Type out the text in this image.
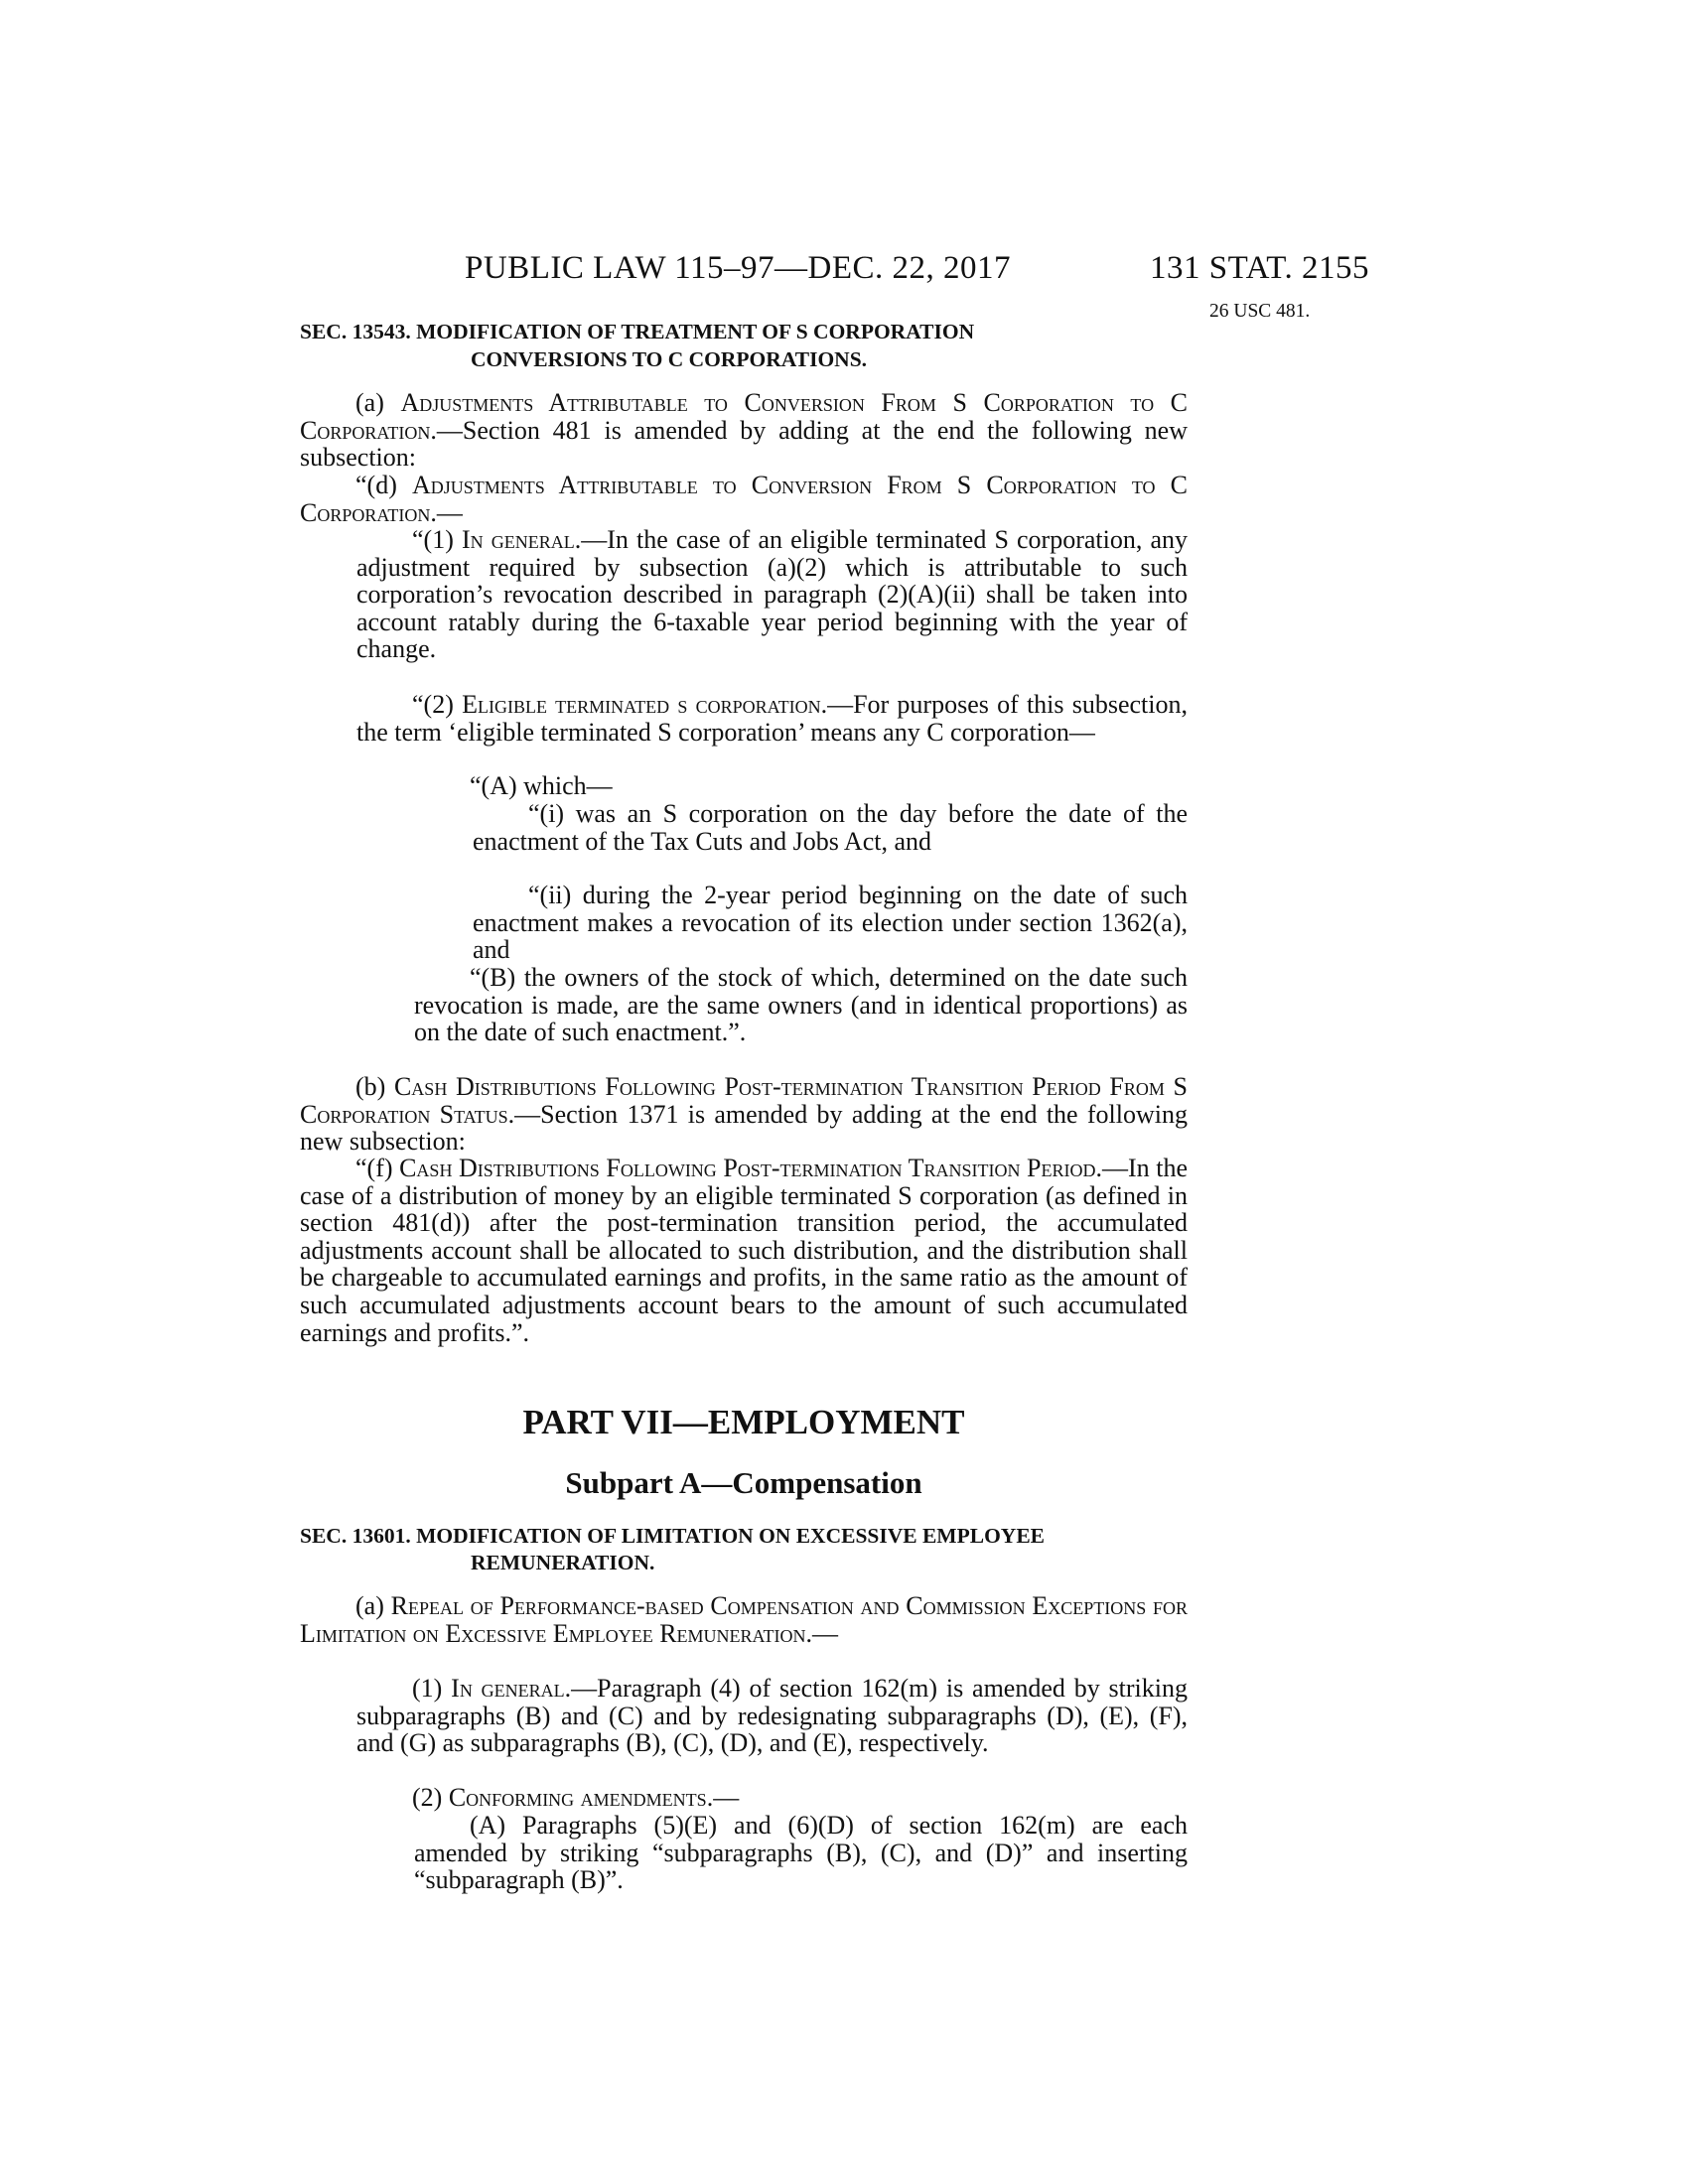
PUBLIC LAW 115–97—DEC. 22, 2017	131 STAT. 2155
26 USC 481.
SEC. 13543. MODIFICATION OF TREATMENT OF S CORPORATION
CONVERSIONS TO C CORPORATIONS.
(a) Adjustments Attributable to Conversion From S Corporation to C Corporation.—Section 481 is amended by adding at the end the following new subsection:
“(d) Adjustments Attributable to Conversion From S Corporation to C Corporation.—
“(1) In general.—In the case of an eligible terminated S corporation, any adjustment required by subsection (a)(2) which is attributable to such corporation’s revocation described in paragraph (2)(A)(ii) shall be taken into account ratably during the 6-taxable year period beginning with the year of change.
“(2) Eligible terminated s corporation.—For purposes of this subsection, the term ‘eligible terminated S corporation’ means any C corporation—
“(A) which—
“(i) was an S corporation on the day before the date of the enactment of the Tax Cuts and Jobs Act, and
“(ii) during the 2-year period beginning on the date of such enactment makes a revocation of its election under section 1362(a), and
“(B) the owners of the stock of which, determined on the date such revocation is made, are the same owners (and in identical proportions) as on the date of such enactment.”.
(b) Cash Distributions Following Post-termination Transition Period From S Corporation Status.—Section 1371 is amended by adding at the end the following new subsection:
“(f) Cash Distributions Following Post-termination Transition Period.—In the case of a distribution of money by an eligible terminated S corporation (as defined in section 481(d)) after the post-termination transition period, the accumulated adjustments account shall be allocated to such distribution, and the distribution shall be chargeable to accumulated earnings and profits, in the same ratio as the amount of such accumulated adjustments account bears to the amount of such accumulated earnings and profits.”.
PART VII—EMPLOYMENT
Subpart A—Compensation
SEC. 13601. MODIFICATION OF LIMITATION ON EXCESSIVE EMPLOYEE
REMUNERATION.
(a) Repeal of Performance-based Compensation and Commission Exceptions for Limitation on Excessive Employee Remuneration.—
(1) In general.—Paragraph (4) of section 162(m) is amended by striking subparagraphs (B) and (C) and by redesignating subparagraphs (D), (E), (F), and (G) as subparagraphs (B), (C), (D), and (E), respectively.
(2) Conforming amendments.—
(A) Paragraphs (5)(E) and (6)(D) of section 162(m) are each amended by striking “subparagraphs (B), (C), and (D)” and inserting “subparagraph (B)”.
